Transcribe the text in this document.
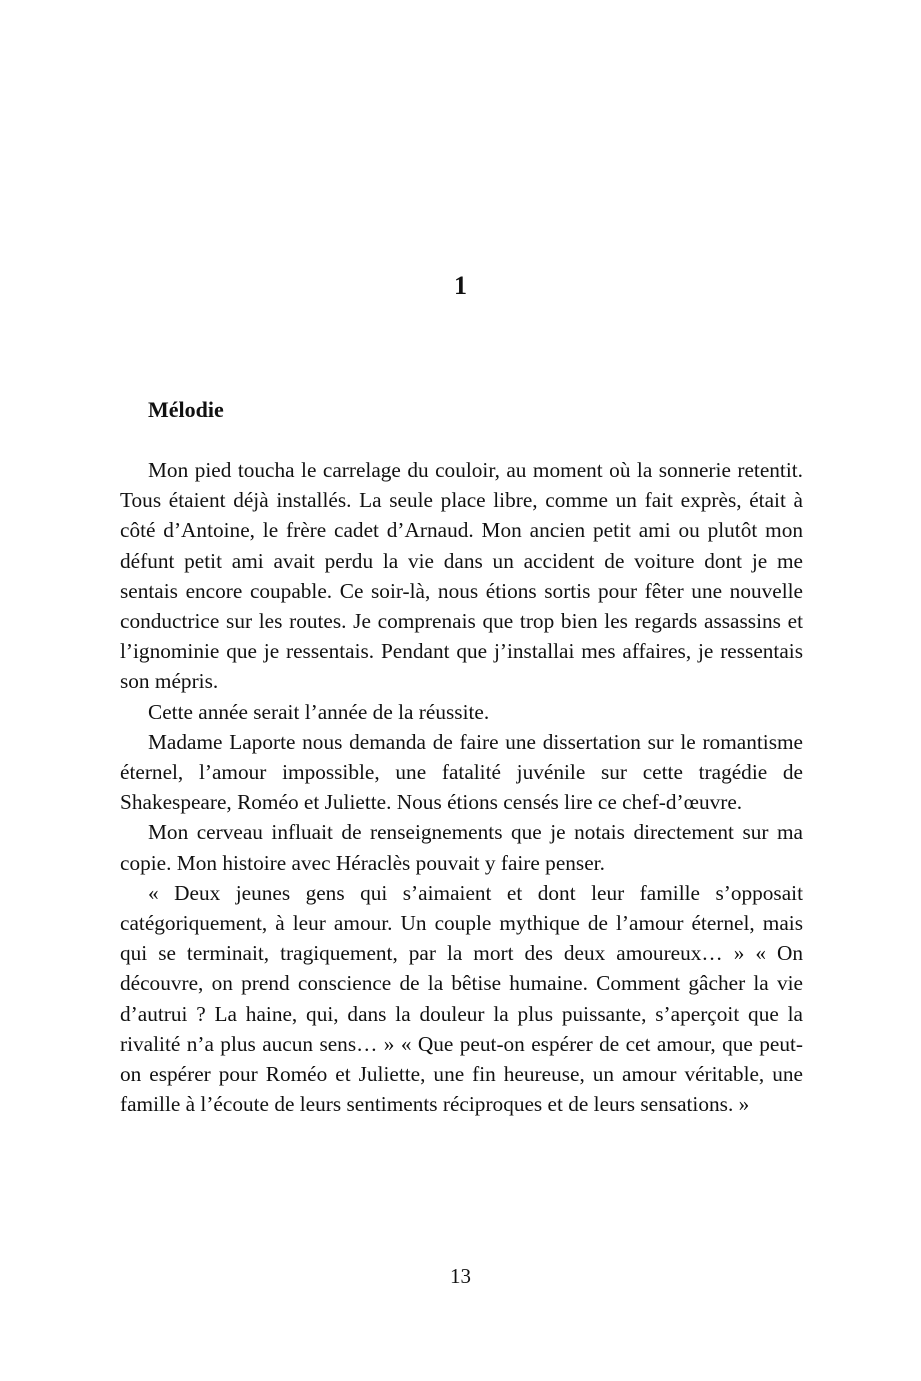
1
Mélodie

Mon pied toucha le carrelage du couloir, au moment où la sonnerie retentit. Tous étaient déjà installés. La seule place libre, comme un fait exprès, était à côté d’Antoine, le frère cadet d’Arnaud. Mon ancien petit ami ou plutôt mon défunt petit ami avait perdu la vie dans un accident de voiture dont je me sentais encore coupable. Ce soir-là, nous étions sortis pour fêter une nouvelle conductrice sur les routes. Je comprenais que trop bien les regards assassins et l’ignominie que je ressentais. Pendant que j’installai mes affaires, je ressentais son mépris.

Cette année serait l’année de la réussite.

Madame Laporte nous demanda de faire une dissertation sur le romantisme éternel, l’amour impossible, une fatalité juvénile sur cette tragédie de Shakespeare, Roméo et Juliette. Nous étions censés lire ce chef-d’œuvre.

Mon cerveau influait de renseignements que je notais directement sur ma copie. Mon histoire avec Héraclès pouvait y faire penser.

« Deux jeunes gens qui s’aimaient et dont leur famille s’opposait catégoriquement, à leur amour. Un couple mythique de l’amour éternel, mais qui se terminait, tragiquement, par la mort des deux amoureux… » « On découvre, on prend conscience de la bêtise humaine. Comment gâcher la vie d’autrui ? La haine, qui, dans la douleur la plus puissante, s’aperçoit que la rivalité n’a plus aucun sens… » « Que peut-on espérer de cet amour, que peut-on espérer pour Roméo et Juliette, une fin heureuse, un amour véritable, une famille à l’écoute de leurs sentiments réciproques et de leurs sensations. »

13
